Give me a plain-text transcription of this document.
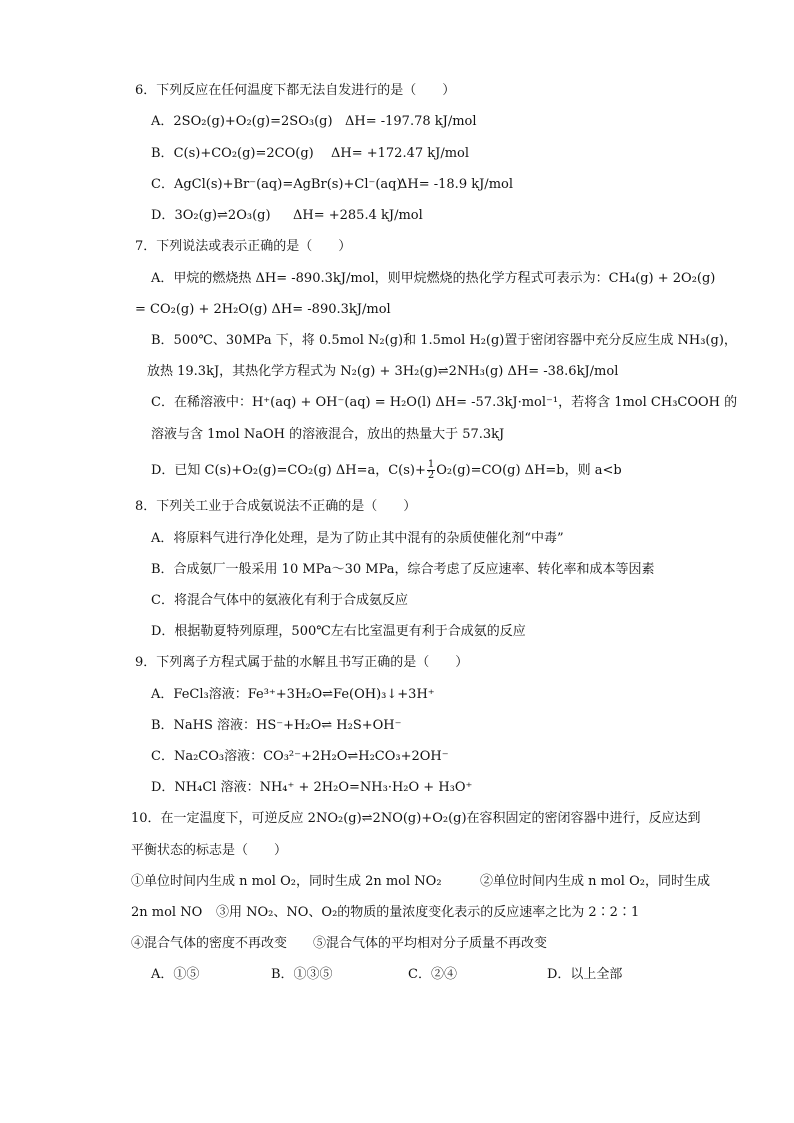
6．下列反应在任何温度下都无法自发进行的是（　　）
A．2SO₂(g)+O₂(g)=2SO₃(g) ΔH= -197.78 kJ/mol
B．C(s)+CO₂(g)=2CO(g) ΔH= +172.47 kJ/mol
C．AgCl(s)+Br⁻(aq)=AgBr(s)+Cl⁻(aq)
ΔH= -18.9 kJ/mol
D．3O₂(g)⇌2O₃(g) ΔH= +285.4 kJ/mol
7．下列说法或表示正确的是（　　）
A．甲烷的燃烧热 ΔH= -890.3kJ/mol，则甲烷燃烧的热化学方程式可表示为：CH₄(g) + 2O₂(g)
= CO₂(g) + 2H₂O(g) ΔH= -890.3kJ/mol
B．500℃、30MPa 下，将 0.5mol N₂(g)和 1.5mol H₂(g)置于密闭容器中充分反应生成 NH₃(g)，
放热 19.3kJ，其热化学方程式为 N₂(g) + 3H₂(g)⇌2NH₃(g) ΔH= -38.6kJ/mol
C．在稀溶液中：H⁺(aq) + OH⁻(aq) = H₂O(l) ΔH= -57.3kJ·mol⁻¹，若将含 1mol CH₃COOH 的
溶液与含 1mol NaOH 的溶液混合，放出的热量大于 57.3kJ
D．已知 C(s)+O₂(g)=CO₂(g) ΔH=a，$C(s)+ \frac{1}{2} O_2(g)=CO(g)$ ΔH=b，则 a<b
8．下列关工业于合成氨说法不正确的是（　　）
A．将原料气进行净化处理，是为了防止其中混有的杂质使催化剂“中毒”
B．合成氨厂一般采用 10 MPa～30 MPa，综合考虑了反应速率、转化率和成本等因素
C．将混合气体中的氨液化有利于合成氨反应
D．根据勒夏特列原理，500℃左右比室温更有利于合成氨的反应
9．下列离子方程式属于盐的水解且书写正确的是（　　）
A．FeCl₃溶液：Fe³⁺+3H₂O⇌Fe(OH)₃↓+3H⁺
B．NaHS 溶液：HS⁻+H₂O⇌ H₂S+OH⁻
C．Na₂CO₃溶液：CO₃²⁻+2H₂O⇌H₂CO₃+2OH⁻
D．NH₄Cl 溶液：NH₄⁺ + 2H₂O=NH₃·H₂O + H₃O⁺
10．在一定温度下，可逆反应 2NO₂(g)⇌2NO(g)+O₂(g)在容积固定的密闭容器中进行，反应达到
平衡状态的标志是（　　）
①单位时间内生成 n mol O₂，同时生成 2n mol NO₂	②单位时间内生成 n mol O₂，同时生成
2n mol NO ③用 NO₂、NO、O₂的物质的量浓度变化表示的反应速率之比为 2∶2∶1
④混合气体的密度不再改变　　⑤混合气体的平均相对分子质量不再改变
A．①⑤	B．①③⑤	C．②④	D．以上全部
